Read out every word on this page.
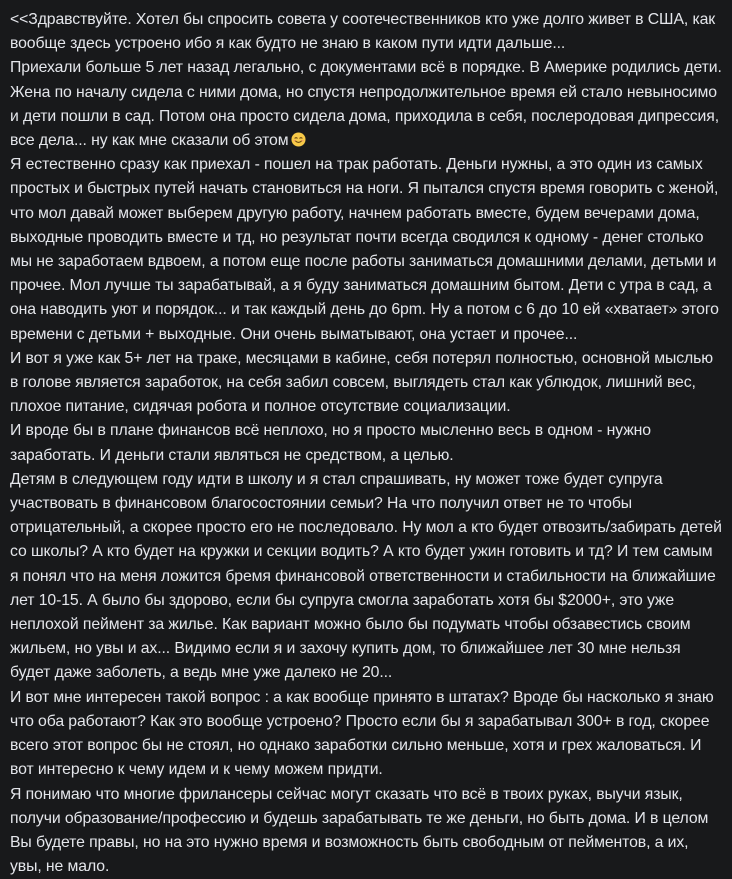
<<Здравствуйте. Хотел бы спросить совета у соотечественников кто уже долго живет в США, как вообще здесь устроено ибо я как будто не знаю в каком пути идти дальше...

Приехали больше 5 лет назад легально, с документами всё в порядке. В Америке родились дети. Жена по началу сидела с ними дома, но спустя непродолжительное время ей стало невыносимо и дети пошли в сад. Потом она просто сидела дома, приходила в себя, послеродовая дипрессия, все дела... ну как мне сказали об этом

Я естественно сразу как приехал - пошел на трак работать. Деньги нужны, а это один из самых простых и быстрых путей начать становиться на ноги. Я пытался спустя время говорить с женой, что мол давай может выберем другую работу, начнем работать вместе, будем вечерами дома, выходные проводить вместе и тд, но результат почти всегда сводился к одному - денег столько мы не заработаем вдвоем, а потом еще после работы заниматься домашними делами, детьми и прочее. Мол лучше ты зарабатывай, а я буду заниматься домашним бытом. Дети с утра в сад, а она наводить уют и порядок... и так каждый день до 6pm. Ну а потом с 6 до 10 ей «хватает» этого времени с детьми + выходные. Они очень выматывают, она устает и прочее...

И вот я уже как 5+ лет на траке, месяцами в кабине, себя потерял полностью, основной мыслью в голове является заработок, на себя забил совсем, выглядеть стал как ублюдок, лишний вес, плохое питание, сидячая робота и полное отсутствие социализации.

И вроде бы в плане финансов всё неплохо, но я просто мысленно весь в одном - нужно заработать. И деньги стали являться не средством, а целью.

Детям в следующем году идти в школу и я стал спрашивать, ну может тоже будет супруга участвовать в финансовом благосостоянии семьи? На что получил ответ не то чтобы отрицательный, а скорее просто его не последовало. Ну мол а кто будет отвозить/забирать детей со школы? А кто будет на кружки и секции водить? А кто будет ужин готовить и тд? И тем самым я понял что на меня ложится бремя финансовой ответственности и стабильности на ближайшие лет 10-15. А было бы здорово, если бы супруга смогла заработать хотя бы $2000+, это уже неплохой пеймент за жилье. Как вариант можно было бы подумать чтобы обзавестись своим жильем, но увы и ах... Видимо если я и захочу купить дом, то ближайшее лет 30 мне нельзя будет даже заболеть, а ведь мне уже далеко не 20...

И вот мне интересен такой вопрос : а как вообще принято в штатах? Вроде бы насколько я знаю что оба работают? Как это вообще устроено? Просто если бы я зарабатывал 300+ в год, скорее всего этот вопрос бы не стоял, но однако заработки сильно меньше, хотя и грех жаловаться. И вот интересно к чему идем и к чему можем придти.

Я понимаю что многие фрилансеры сейчас могут сказать что всё в твоих руках, выучи язык, получи образование/профессию и будешь зарабатывать те же деньги, но быть дома. И в целом Вы будете правы, но на это нужно время и возможность быть свободным от пейментов, а их, увы, не мало.
